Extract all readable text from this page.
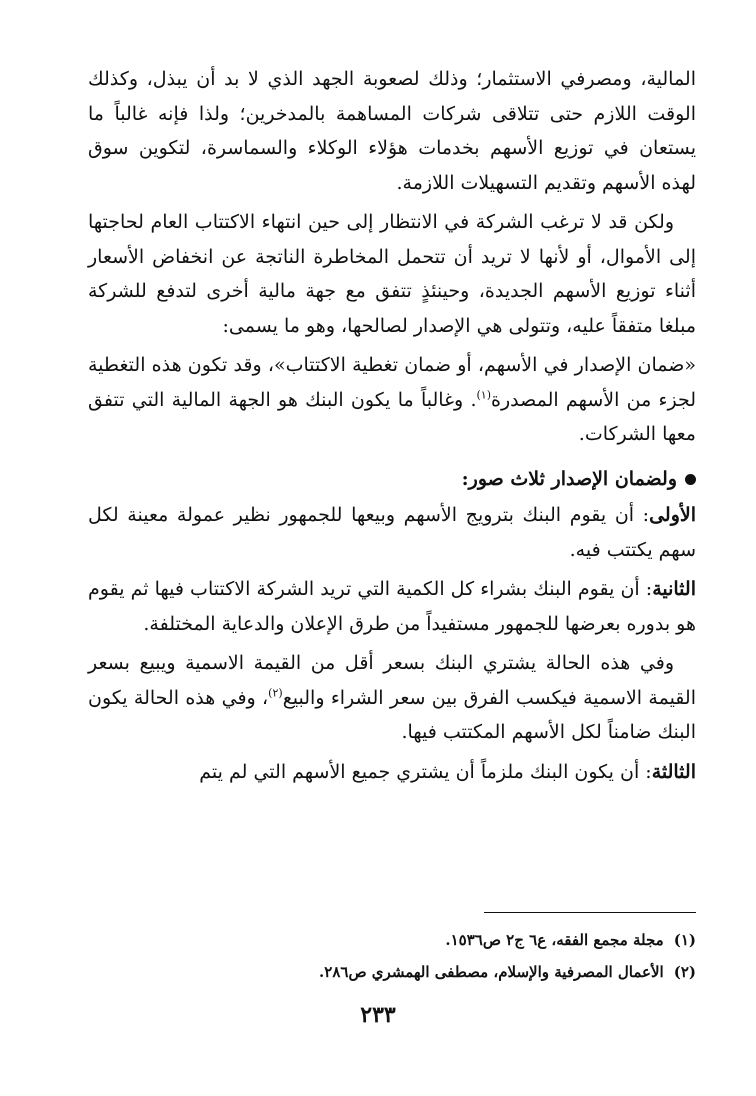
المالية، ومصرفي الاستثمار؛ وذلك لصعوبة الجهد الذي لا بد أن يبذل، وكذلك الوقت اللازم حتى تتلاقى شركات المساهمة بالمدخرين؛ ولذا فإنه غالباً ما يستعان في توزيع الأسهم بخدمات هؤلاء الوكلاء والسماسرة، لتكوين سوق لهذه الأسهم وتقديم التسهيلات اللازمة.

ولكن قد لا ترغب الشركة في الانتظار إلى حين انتهاء الاكتتاب العام لحاجتها إلى الأموال، أو لأنها لا تريد أن تتحمل المخاطرة الناتجة عن انخفاض الأسعار أثناء توزيع الأسهم الجديدة، وحينئذٍ تتفق مع جهة مالية أخرى لتدفع للشركة مبلغا متفقاً عليه، وتتولى هي الإصدار لصالحها، وهو ما يسمى:

«ضمان الإصدار في الأسهم، أو ضمان تغطية الاكتتاب»، وقد تكون هذه التغطية لجزء من الأسهم المصدرة$^{(١)}$. وغالباً ما يكون البنك هو الجهة المالية التي تتفق معها الشركات.

ولضمان الإصدار ثلاث صور:

الأولى: أن يقوم البنك بترويج الأسهم وبيعها للجمهور نظير عمولة معينة لكل سهم يكتتب فيه.

الثانية: أن يقوم البنك بشراء كل الكمية التي تريد الشركة الاكتتاب فيها ثم يقوم هو بدوره بعرضها للجمهور مستفيداً من طرق الإعلان والدعاية المختلفة.

وفي هذه الحالة يشتري البنك بسعر أقل من القيمة الاسمية ويبيع بسعر القيمة الاسمية فيكسب الفرق بين سعر الشراء والبيع$^{(٢)}$، وفي هذه الحالة يكون البنك ضامناً لكل الأسهم المكتتب فيها.

الثالثة: أن يكون البنك ملزماً أن يشتري جميع الأسهم التي لم يتم

(١)مجلة مجمع الفقه، ع٦ ج٢ ص١٥٣٦.

(٢)الأعمال المصرفية والإسلام، مصطفى الهمشري ص٢٨٦.

٢٣٣
